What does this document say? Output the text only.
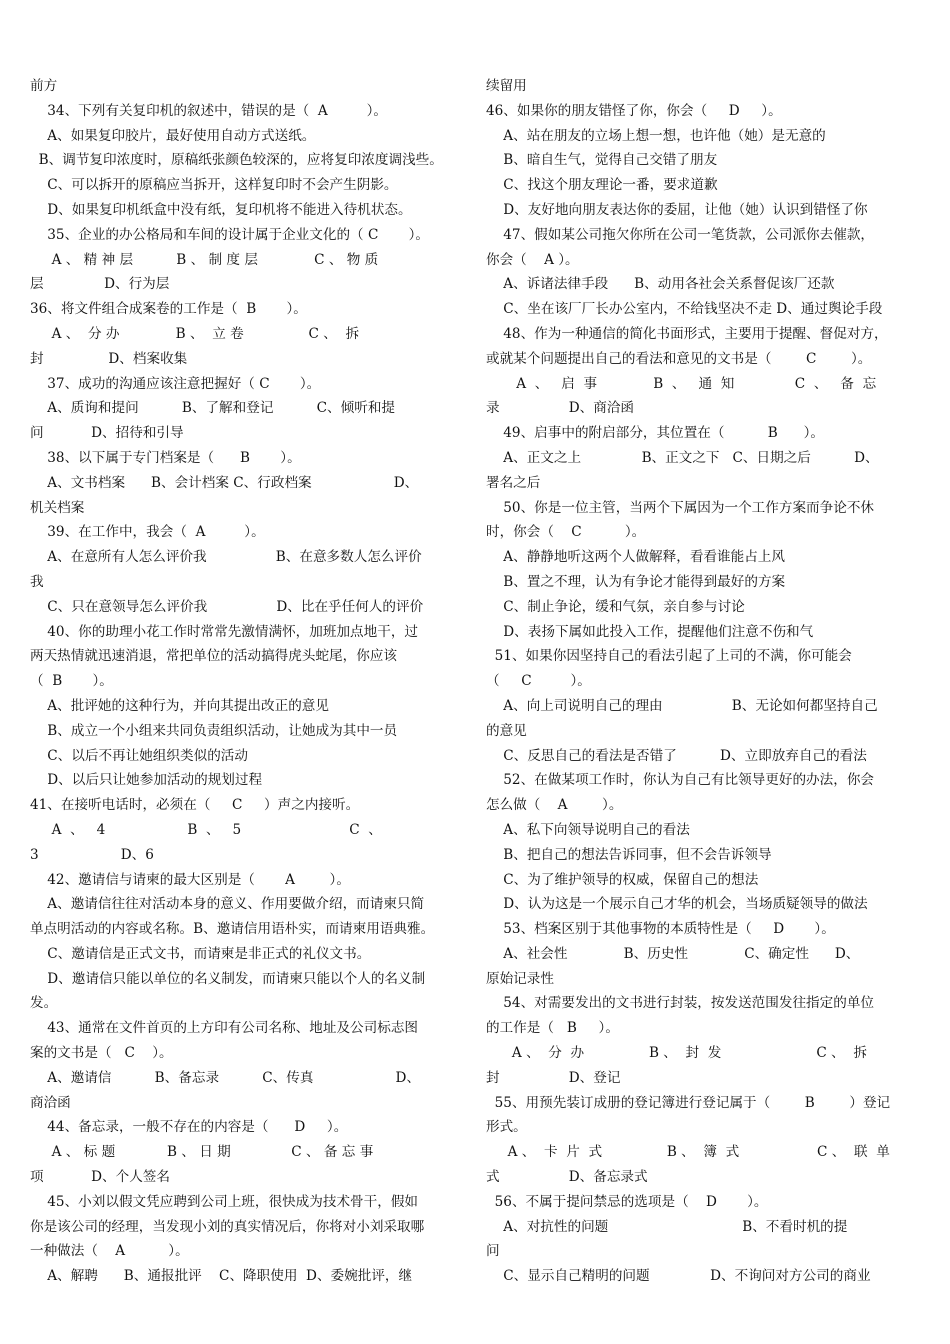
前方
34、下列有关复印机的叙述中，错误的是（  A         ）。
A、如果复印胶片，最好使用自动方式送纸。
B、调节复印浓度时，原稿纸张颜色较深的，应将复印浓度调浅些。
C、可以拆开的原稿应当拆开，这样复印时不会产生阴影。
D、如果复印机纸盒中没有纸，复印机将不能进入待机状态。
35、企业的办公格局和车间的设计属于企业文化的（ C       ）。
A 、 精 神 层          B 、 制 度 层             C 、 物 质
层              D、行为层
36、将文件组合成案卷的工作是（  B       ）。
A 、  分 办             B 、  立 卷               C 、  拆
封               D、档案收集
37、成功的沟通应该注意把握好（ C       ）。
A、质询和提问          B、了解和登记          C、倾听和提
问           D、招待和引导
38、以下属于专门档案是（      B       ）。
A、文书档案      B、会计档案 C、行政档案                   D、
机关档案
39、在工作中，我会（  A         ）。
A、在意所有人怎么评价我                B、在意多数人怎么评价
我
C、只在意领导怎么评价我                D、比在乎任何人的评价
40、你的助理小花工作时常常先激情满怀，加班加点地干，过
两天热情就迅速消退，常把单位的活动搞得虎头蛇尾，你应该
（  B       ）。
A、批评她的这种行为，并向其提出改正的意见
B、成立一个小组来共同负责组织活动，让她成为其中一员
C、以后不再让她组织类似的活动
D、以后只让她参加活动的规划过程
41、在接听电话时，必须在（     C     ）声之内接听。
A  、   4                   B  、   5                         C  、
3                   D、6
42、邀请信与请柬的最大区别是（       A        ）。
A、邀请信往往对活动本身的意义、作用要做介绍，而请柬只简
单点明活动的内容或名称。B、邀请信用语朴实，而请柬用语典雅。
C、邀请信是正式文书，而请柬是非正式的礼仪文书。
D、邀请信只能以单位的名义制发，而请柬只能以个人的名义制
发。
43、通常在文件首页的上方印有公司名称、地址及公司标志图
案的文书是（   C    ）。
A、邀请信          B、备忘录          C、传真                   D、
商洽函
44、备忘录，一般不存在的内容是（      D     ）。
A 、 标 题            B 、 日 期              C 、 备 忘 事
项           D、个人签名
45、小刘以假文凭应聘到公司上班，很快成为技术骨干，假如
你是该公司的经理，当发现小刘的真实情况后，你将对小刘采取哪
一种做法（    A          ）。
A、解聘      B、通报批评    C、降职使用  D、委婉批评，继
续留用
46、如果你的朋友错怪了你，你会（     D     ）。
A、站在朋友的立场上想一想，也许他（她）是无意的
B、暗自生气，觉得自己交错了朋友
C、找这个朋友理论一番，要求道歉
D、友好地向朋友表达你的委屈，让他（她）认识到错怪了你
47、假如某公司拖欠你所在公司一笔货款，公司派你去催款，
你会（    A ）。
A、诉诸法律手段      B、动用各社会关系督促该厂还款
C、坐在该厂厂长办公室内，不给钱坚决不走 D、通过舆论手段
48、作为一种通信的简化书面形式，主要用于提醒、督促对方，
或就某个问题提出自己的看法和意见的文书是（        C        ）。
A  、   启  事             B  、   通  知              C  、   备  忘
录                D、商洽函
49、启事中的附启部分，其位置在（          B      ）。
A、正文之上              B、正文之下   C、日期之后          D、
署名之后
50、你是一位主管，当两个下属因为一个工作方案而争论不休
时，你会（    C          ）。
A、静静地听这两个人做解释，看看谁能占上风
B、置之不理，认为有争论才能得到最好的方案
C、制止争论，缓和气氛，亲自参与讨论
D、表扬下属如此投入工作，提醒他们注意不伤和气
51、如果你因坚持自己的看法引起了上司的不满，你可能会
（     C         ）。
A、向上司说明自己的理由                B、无论如何都坚持自己
的意见
C、反思自己的看法是否错了          D、立即放弃自己的看法
52、在做某项工作时，你认为自己有比领导更好的办法，你会
怎么做（    A        ）。
A、私下向领导说明自己的看法
B、把自己的想法告诉同事，但不会告诉领导
C、为了维护领导的权威，保留自己的想法
D、认为这是一个展示自己才华的机会，当场质疑领导的做法
53、档案区别于其他事物的本质特性是（     D       ）。
A、社会性             B、历史性             C、确定性      D、
原始记录性
54、对需要发出的文书进行封装，按发送范围发往指定的单位
的工作是（   B     ）。
A 、  分  办               B 、  封  发                      C 、  拆
封                D、登记
55、用预先装订成册的登记簿进行登记属于（        B        ）登记
形式。
A 、  卡  片  式               B 、  簿  式                  C 、  联  单
式                D、备忘录式
56、不属于提问禁忌的选项是（    D       ）。
A、对抗性的问题                               B、不看时机的提
问
C、显示自己精明的问题              D、不询问对方公司的商业
